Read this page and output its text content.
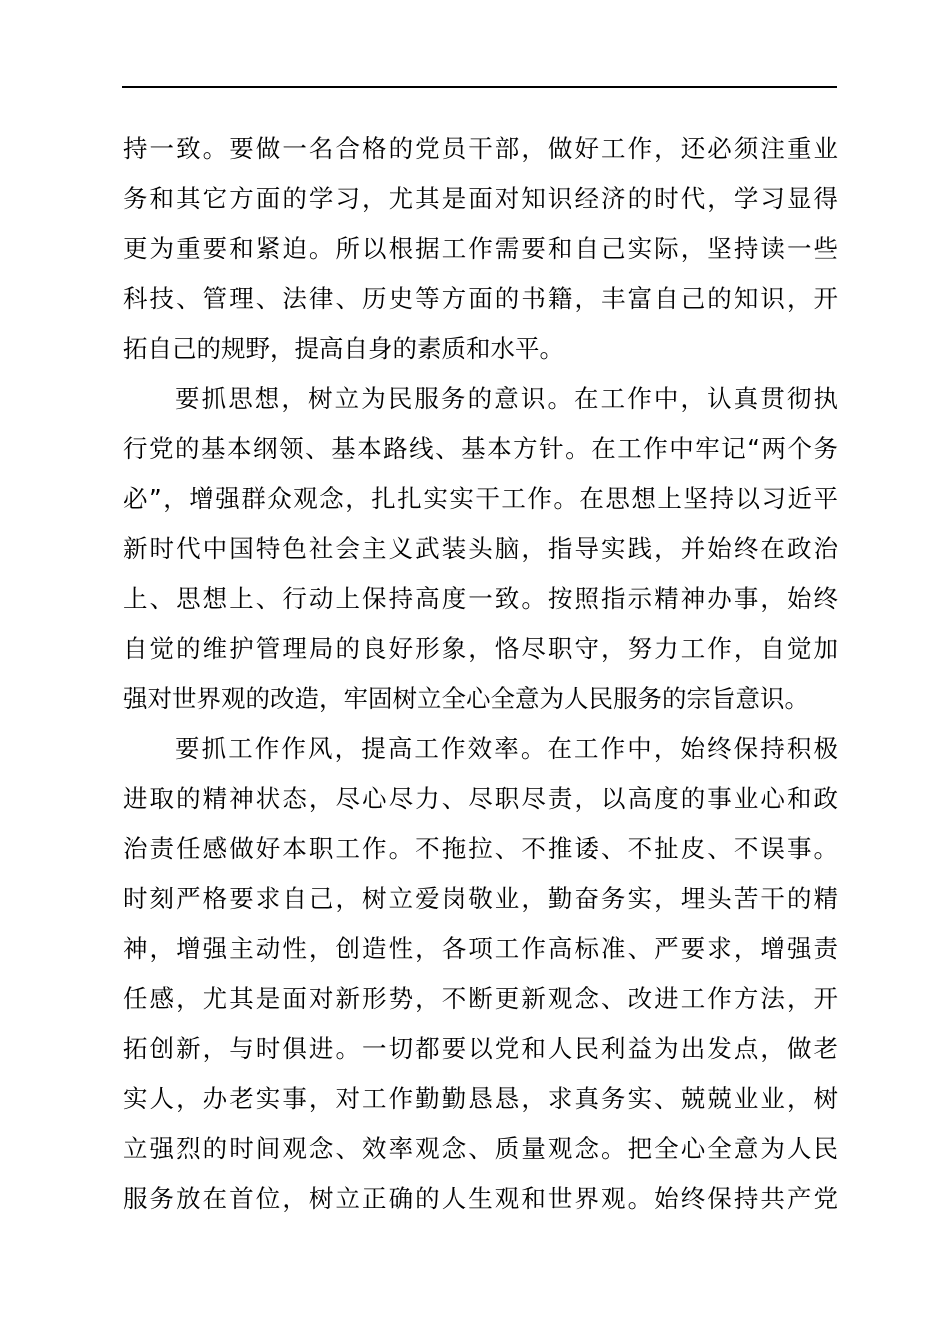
持一致。要做一名合格的党员干部，做好工作，还必须注重业
务和其它方面的学习，尤其是面对知识经济的时代，学习显得
更为重要和紧迫。所以根据工作需要和自己实际，坚持读一些
科技、管理、法律、历史等方面的书籍，丰富自己的知识，开
拓自己的规野，提高自身的素质和水平。
要抓思想，树立为民服务的意识。在工作中，认真贯彻执
行党的基本纲领、基本路线、基本方针。在工作中牢记“两个务
必”，增强群众观念，扎扎实实干工作。在思想上坚持以习近平
新时代中国特色社会主义武装头脑，指导实践，并始终在政治
上、思想上、行动上保持高度一致。按照指示精神办事，始终
自觉的维护管理局的良好形象，恪尽职守，努力工作，自觉加
强对世界观的改造，牢固树立全心全意为人民服务的宗旨意识。
要抓工作作风，提高工作效率。在工作中，始终保持积极
进取的精神状态，尽心尽力、尽职尽责，以高度的事业心和政
治责任感做好本职工作。不拖拉、不推诿、不扯皮、不误事。
时刻严格要求自己，树立爱岗敬业，勤奋务实，埋头苦干的精
神，增强主动性，创造性，各项工作高标准、严要求，增强责
任感，尤其是面对新形势，不断更新观念、改进工作方法，开
拓创新，与时俱进。一切都要以党和人民利益为出发点，做老
实人，办老实事，对工作勤勤恳恳，求真务实、兢兢业业，树
立强烈的时间观念、效率观念、质量观念。把全心全意为人民
服务放在首位，树立正确的人生观和世界观。始终保持共产党
